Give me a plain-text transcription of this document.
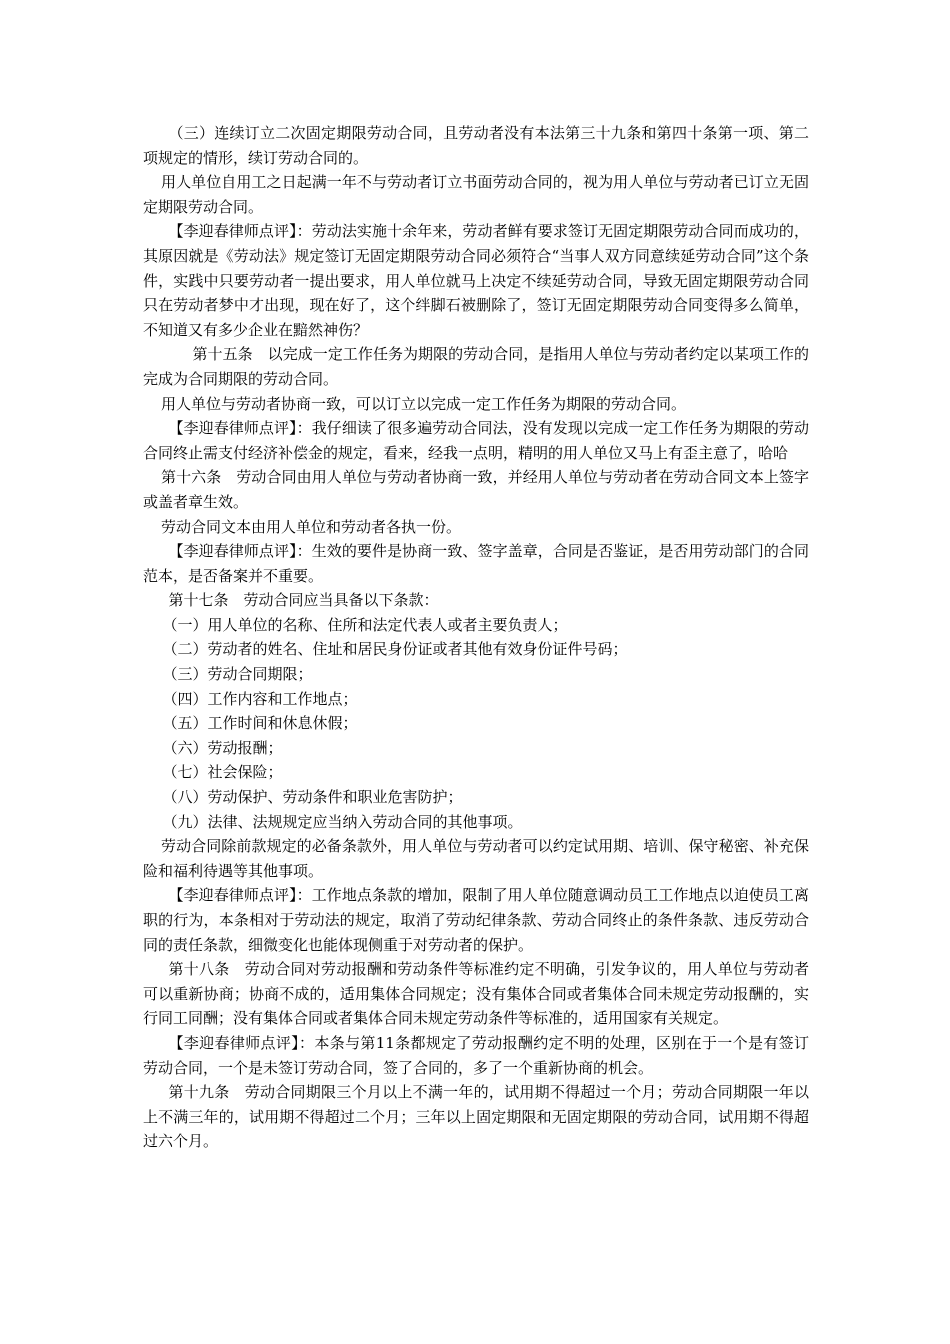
（三）连续订立二次固定期限劳动合同，且劳动者没有本法第三十九条和第四十条第一项、第二项规定的情形，续订劳动合同的。

用人单位自用工之日起满一年不与劳动者订立书面劳动合同的，视为用人单位与劳动者已订立无固定期限劳动合同。

【李迎春律师点评】：劳动法实施十余年来，劳动者鲜有要求签订无固定期限劳动合同而成功的，其原因就是《劳动法》规定签订无固定期限劳动合同必须符合“当事人双方同意续延劳动合同”这个条件，实践中只要劳动者一提出要求，用人单位就马上决定不续延劳动合同，导致无固定期限劳动合同只在劳动者梦中才出现，现在好了，这个绊脚石被删除了，签订无固定期限劳动合同变得多么简单，不知道又有多少企业在黯然神伤？

第十五条　以完成一定工作任务为期限的劳动合同，是指用人单位与劳动者约定以某项工作的完成为合同期限的劳动合同。

用人单位与劳动者协商一致，可以订立以完成一定工作任务为期限的劳动合同。

【李迎春律师点评】：我仔细读了很多遍劳动合同法，没有发现以完成一定工作任务为期限的劳动合同终止需支付经济补偿金的规定，看来，经我一点明，精明的用人单位又马上有歪主意了，哈哈

第十六条　劳动合同由用人单位与劳动者协商一致，并经用人单位与劳动者在劳动合同文本上签字或盖者章生效。

劳动合同文本由用人单位和劳动者各执一份。

【李迎春律师点评】：生效的要件是协商一致、签字盖章，合同是否鉴证，是否用劳动部门的合同范本，是否备案并不重要。

第十七条　劳动合同应当具备以下条款：

（一）用人单位的名称、住所和法定代表人或者主要负责人；

（二）劳动者的姓名、住址和居民身份证或者其他有效身份证件号码；

（三）劳动合同期限；

（四）工作内容和工作地点；

（五）工作时间和休息休假；

（六）劳动报酬；

（七）社会保险；

（八）劳动保护、劳动条件和职业危害防护；

（九）法律、法规规定应当纳入劳动合同的其他事项。

劳动合同除前款规定的必备条款外，用人单位与劳动者可以约定试用期、培训、保守秘密、补充保险和福利待遇等其他事项。

【李迎春律师点评】：工作地点条款的增加，限制了用人单位随意调动员工工作地点以迫使员工离职的行为，本条相对于劳动法的规定，取消了劳动纪律条款、劳动合同终止的条件条款、违反劳动合同的责任条款，细微变化也能体现侧重于对劳动者的保护。

第十八条　劳动合同对劳动报酬和劳动条件等标准约定不明确，引发争议的，用人单位与劳动者可以重新协商；协商不成的，适用集体合同规定；没有集体合同或者集体合同未规定劳动报酬的，实行同工同酬；没有集体合同或者集体合同未规定劳动条件等标准的，适用国家有关规定。

【李迎春律师点评】：本条与第11条都规定了劳动报酬约定不明的处理，区别在于一个是有签订劳动合同，一个是未签订劳动合同，签了合同的，多了一个重新协商的机会。

第十九条　劳动合同期限三个月以上不满一年的，试用期不得超过一个月；劳动合同期限一年以上不满三年的，试用期不得超过二个月；三年以上固定期限和无固定期限的劳动合同，试用期不得超过六个月。
